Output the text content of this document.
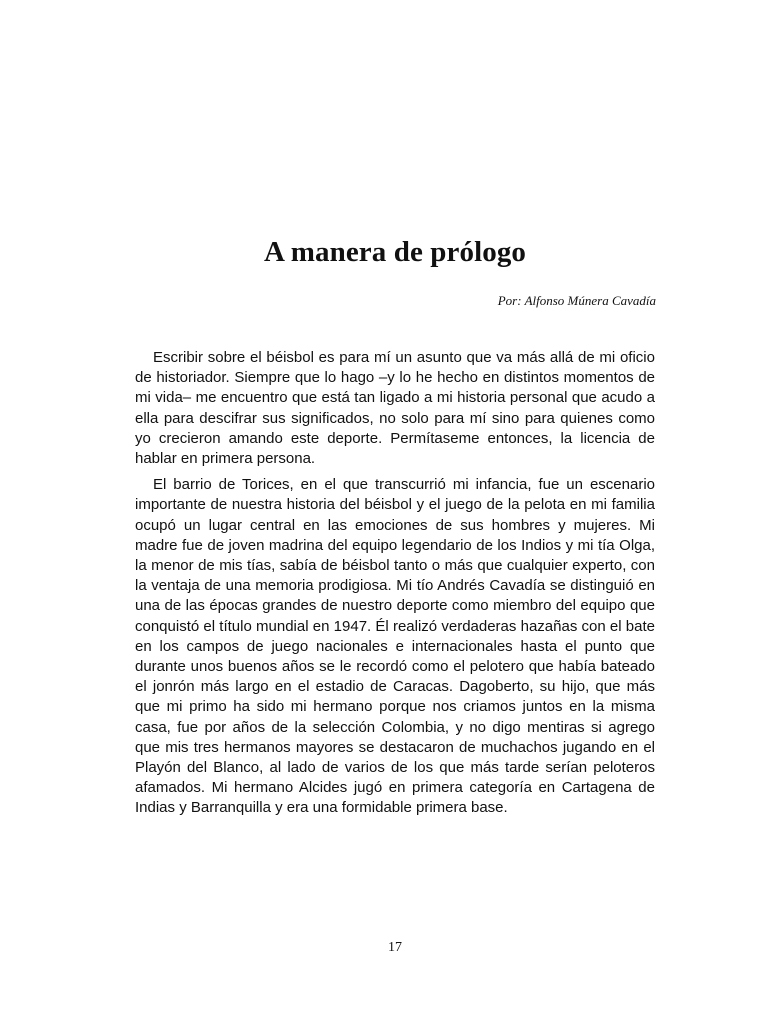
A manera de prólogo
Por: Alfonso Múnera Cavadía

Escribir sobre el béisbol es para mí un asunto que va más allá de mi oficio de historiador. Siempre que lo hago –y lo he hecho en distintos momentos de mi vida– me encuentro que está tan ligado a mi historia personal que acudo a ella para descifrar sus significados, no solo para mí sino para quienes como yo crecieron amando este deporte. Permítaseme entonces, la licencia de hablar en primera persona.

El barrio de Torices, en el que transcurrió mi infancia, fue un escenario importante de nuestra historia del béisbol y el juego de la pelota en mi familia ocupó un lugar central en las emociones de sus hombres y mujeres. Mi madre fue de joven madrina del equipo legendario de los Indios y mi tía Olga, la menor de mis tías, sabía de béisbol tanto o más que cualquier experto, con la ventaja de una memoria prodigiosa. Mi tío Andrés Cavadía se distinguió en una de las épocas grandes de nuestro deporte como miembro del equipo que conquistó el título mundial en 1947. Él realizó verdaderas hazañas con el bate en los campos de juego nacionales e internacionales hasta el punto que durante unos buenos años se le recordó como el pelotero que había bateado el jonrón más largo en el estadio de Caracas. Dagoberto, su hijo, que más que mi primo ha sido mi hermano porque nos criamos juntos en la misma casa, fue por años de la selección Colombia, y no digo mentiras si agrego que mis tres hermanos mayores se destacaron de muchachos jugando en el Playón del Blanco, al lado de varios de los que más tarde serían peloteros afamados. Mi hermano Alcides jugó en primera categoría en Cartagena de Indias y Barranquilla y era una formidable primera base.

17
